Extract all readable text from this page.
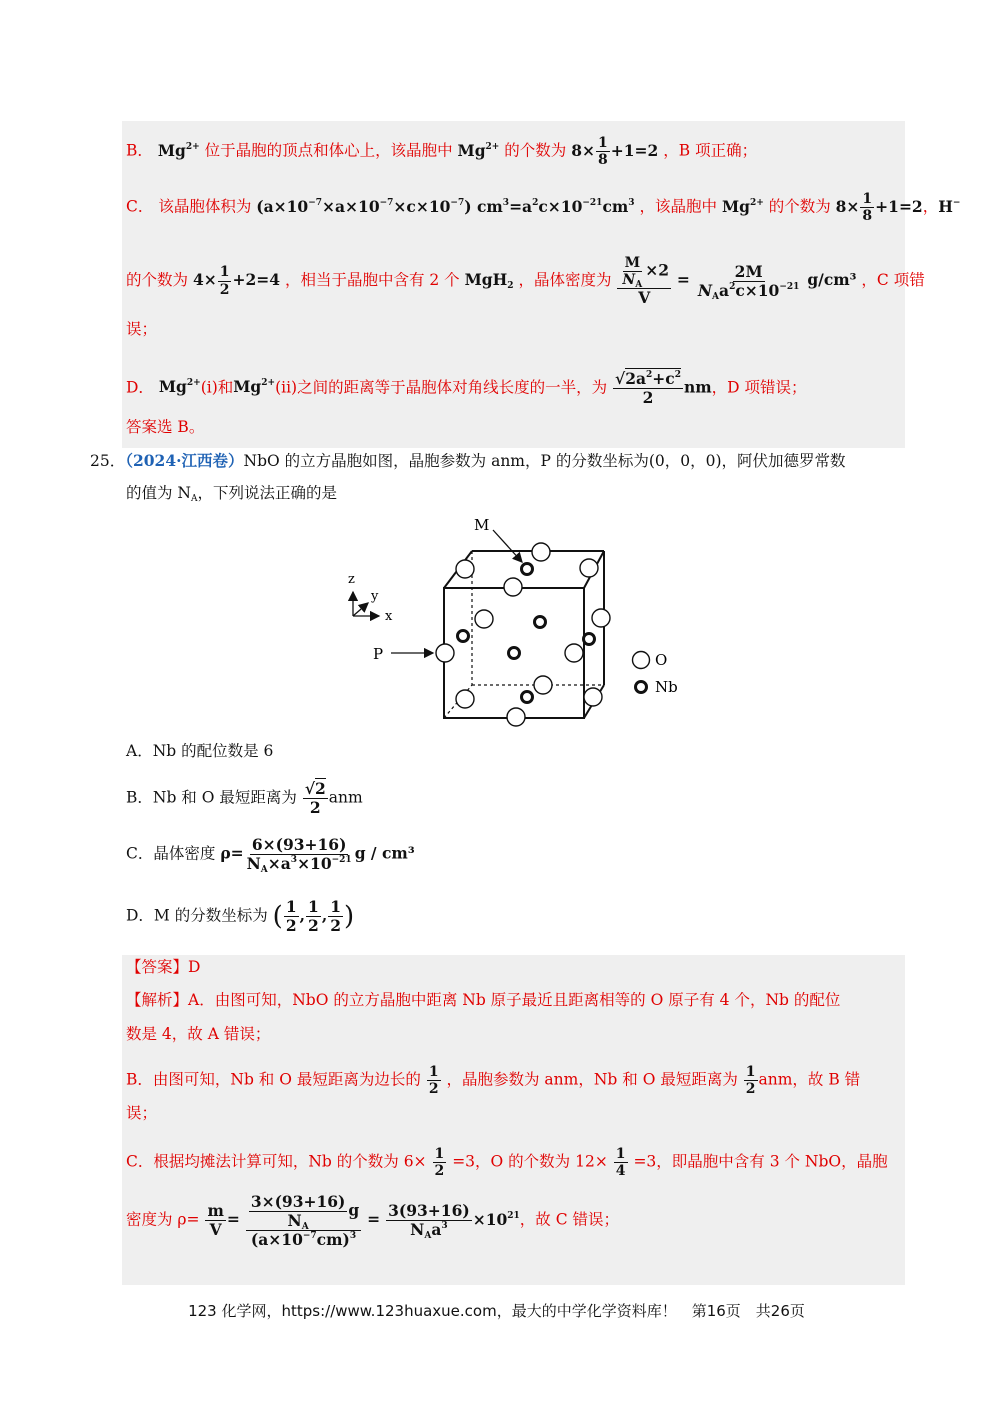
B． $Mg^{2+}$ 位于晶胞的顶点和体心上，该晶胞中 $Mg^{2+}$ 的个数为 $8\times \frac{1}{8} +1=2$ ，B 项正确；
C． 该晶胞体积为 $(a\times 10^{-7}\times a\times 10^{-7}\times c\times 10^{-7})$ $cm^3=a^2c\times 10^{-21}cm^3$ ，该晶胞中 $Mg^{2+}$ 的个数为 $8\times \frac{1}{8} +1=2$，H−
的个数为 $4\times \frac{1}{2} +2=4$ ，相当于晶胞中含有 2 个 MgH$_2$ ，晶体密度为 $\frac{\frac{M}{N_A} \times 2}{V} = \frac{2M}{N_Aa^2c\times 10^{-21}} g/cm^3$ ，C 项错
误；
D． $Mg^{2+}(i)$和$Mg^{2+}(ii)$之间的距离等于晶胞体对角线长度的一半，为 $\frac{√2a^2+c^2}{2}$ nm，D 项错误；
答案选 B。
25．（2024·江西卷）NbO 的立方晶胞如图，晶胞参数为 anm，P 的分数坐标为(0，0，0)，阿伏加德罗常数
的值为 $N_A$，下列说法正确的是
M
P
z
y
x
O
Nb
A．Nb 的配位数是 6
B．Nb 和 O 最短距离为 $\frac{√2}{2}$ anm
C．晶体密度 $\rho= \frac{6\times(93+16)}{N_A\times a^3\times 10^{-21}}$ g / cm³
D．M 的分数坐标为 ( $\frac{1}{2}$ , $\frac{1}{2}$ , $\frac{1}{2}$ )
【答案】D
【解析】A．由图可知，NbO 的立方晶胞中距离 Nb 原子最近且距离相等的 O 原子有 4 个，Nb 的配位
数是 4，故 A 错误；
B．由图可知，Nb 和 O 最短距离为边长的 $\frac{1}{2}$ ，晶胞参数为 anm，Nb 和 O 最短距离为 $\frac{1}{2}$ anm，故 B 错
误；
C．根据均摊法计算可知，Nb 的个数为 $6\times \frac{1}{2} =3$，O 的个数为 $12\times \frac{1}{4} =3$，即晶胞中含有 3 个 NbO，晶胞
密度为 $\rho= \frac{m}{V} = \frac{\frac{3\times(93+16)}{N_A} g}{(a\times 10^{-7}cm)^3} = \frac{3(93+16)}{N_Aa^3} \times 10^{21}$，故 C 错误；
123 化学网，https://www.123huaxue.com，最大的中学化学资料库！　第16页　共26页
